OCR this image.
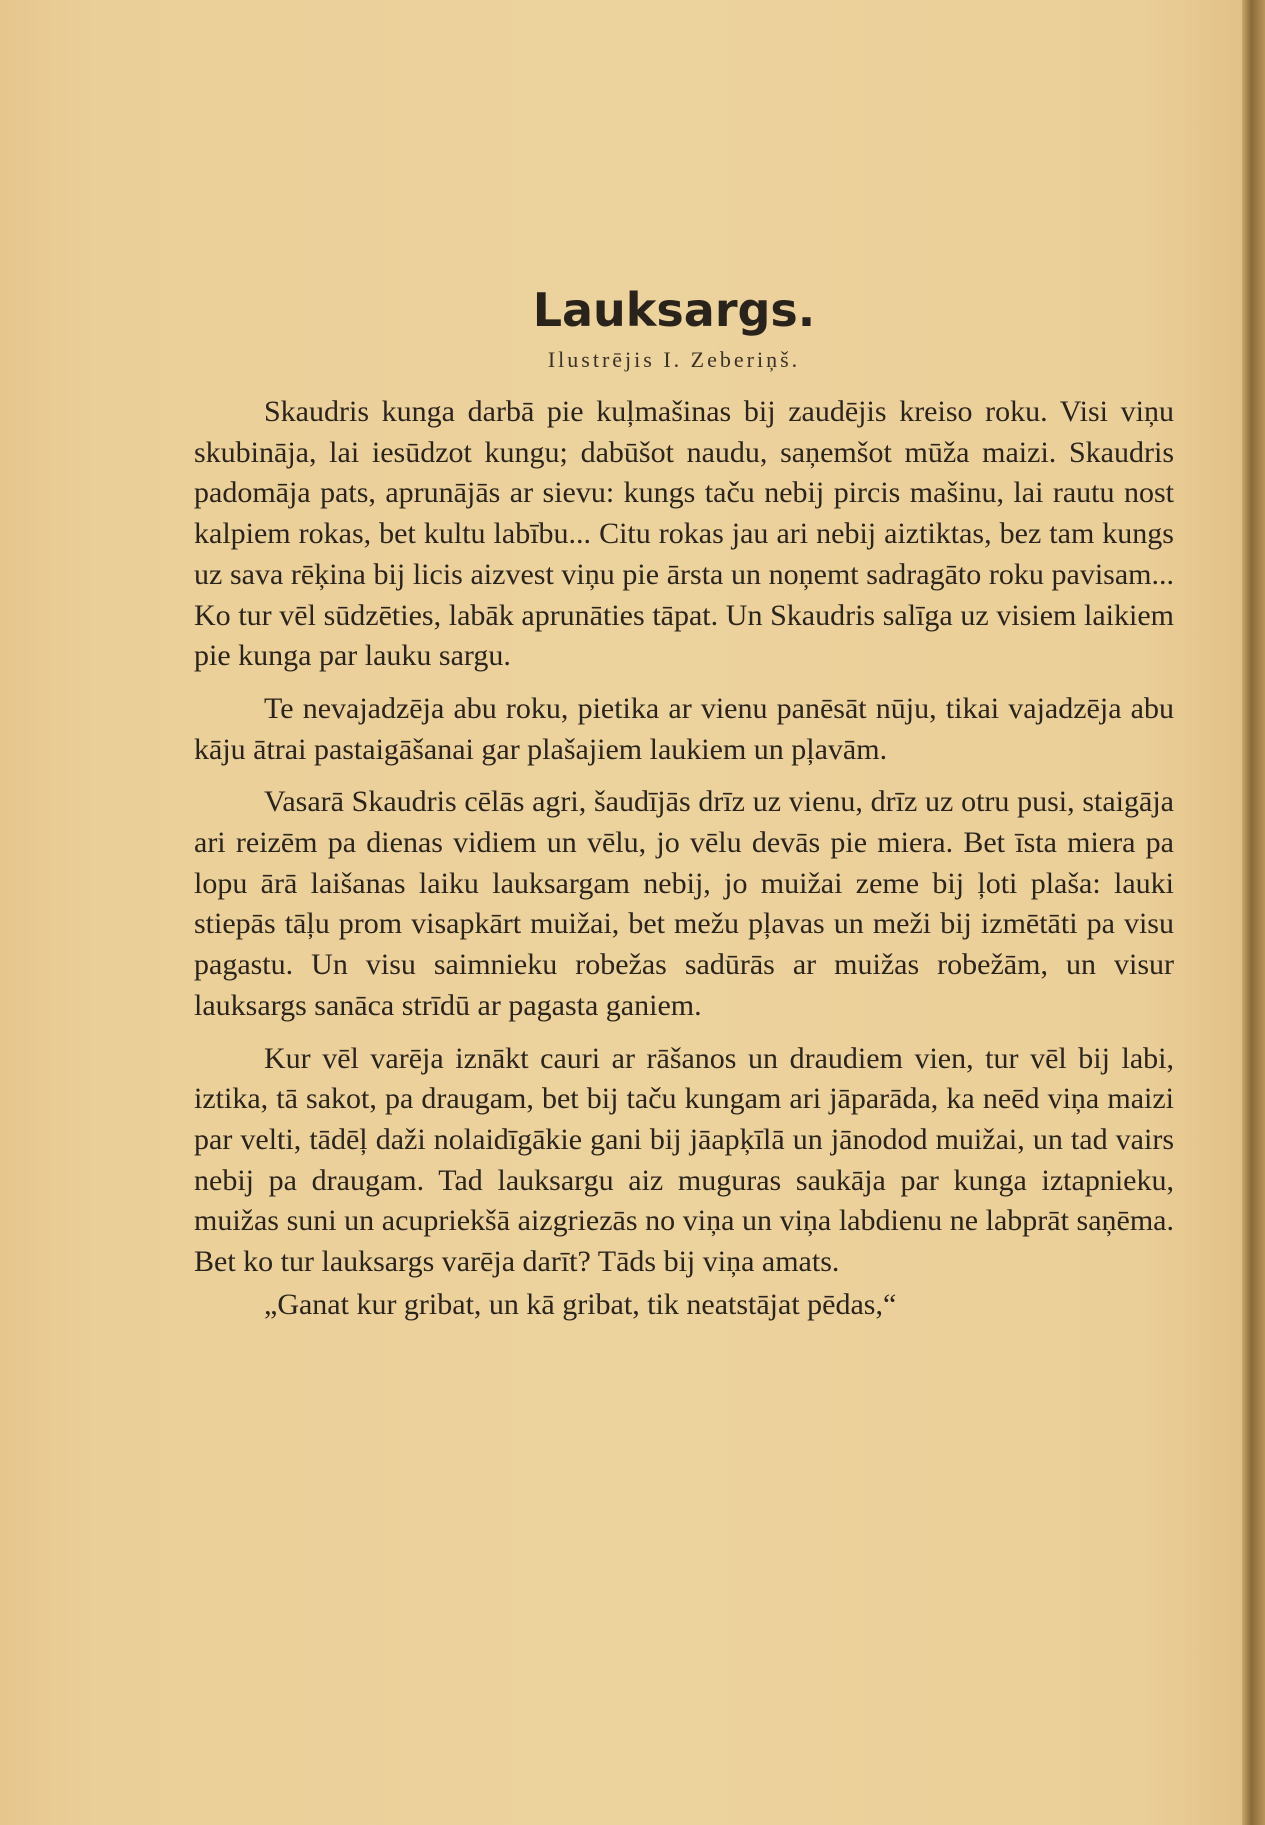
Lauksargs.
Ilustrējis I. Zeberiņš.

Skaudris kunga darbā pie kuļmašinas bij zaudējis kreiso roku. Visi viņu skubināja, lai iesūdzot kungu; dabūšot naudu, saņemšot mūža maizi. Skaudris padomāja pats, aprunājās ar sievu: kungs taču nebij pircis mašinu, lai rautu nost kalpiem rokas, bet kultu labību... Citu rokas jau ari nebij aiztiktas, bez tam kungs uz sava rēķina bij licis aizvest viņu pie ārsta un noņemt sadragāto roku pavisam... Ko tur vēl sūdzēties, labāk aprunāties tāpat. Un Skaudris salīga uz visiem laikiem pie kunga par lauku sargu.

Te nevajadzēja abu roku, pietika ar vienu panēsāt nūju, tikai vajadzēja abu kāju ātrai pastaigāšanai gar plašajiem laukiem un pļavām.

Vasarā Skaudris cēlās agri, šaudījās drīz uz vienu, drīz uz otru pusi, staigāja ari reizēm pa dienas vidiem un vēlu, jo vēlu devās pie miera. Bet īsta miera pa lopu ārā laišanas laiku lauksargam nebij, jo muižai zeme bij ļoti plaša: lauki stiepās tāļu prom visapkārt muižai, bet mežu pļavas un meži bij izmētāti pa visu pagastu. Un visu saimnieku robežas sadūrās ar muižas robežām, un visur lauksargs sanāca strīdū ar pagasta ganiem.

Kur vēl varēja iznākt cauri ar rāšanos un draudiem vien, tur vēl bij labi, iztika, tā sakot, pa draugam, bet bij taču kungam ari jāparāda, ka neēd viņa maizi par velti, tādēļ daži nolaidīgākie gani bij jāapķīlā un jānodod muižai, un tad vairs nebij pa draugam. Tad lauksargu aiz muguras saukāja par kunga iztapnieku, muižas suni un acupriekšā aizgriezās no viņa un viņa labdienu ne labprāt saņēma. Bet ko tur lauksargs varēja darīt? Tāds bij viņa amats.

„Ganat kur gribat, un kā gribat, tik neatstājat pēdas,“
